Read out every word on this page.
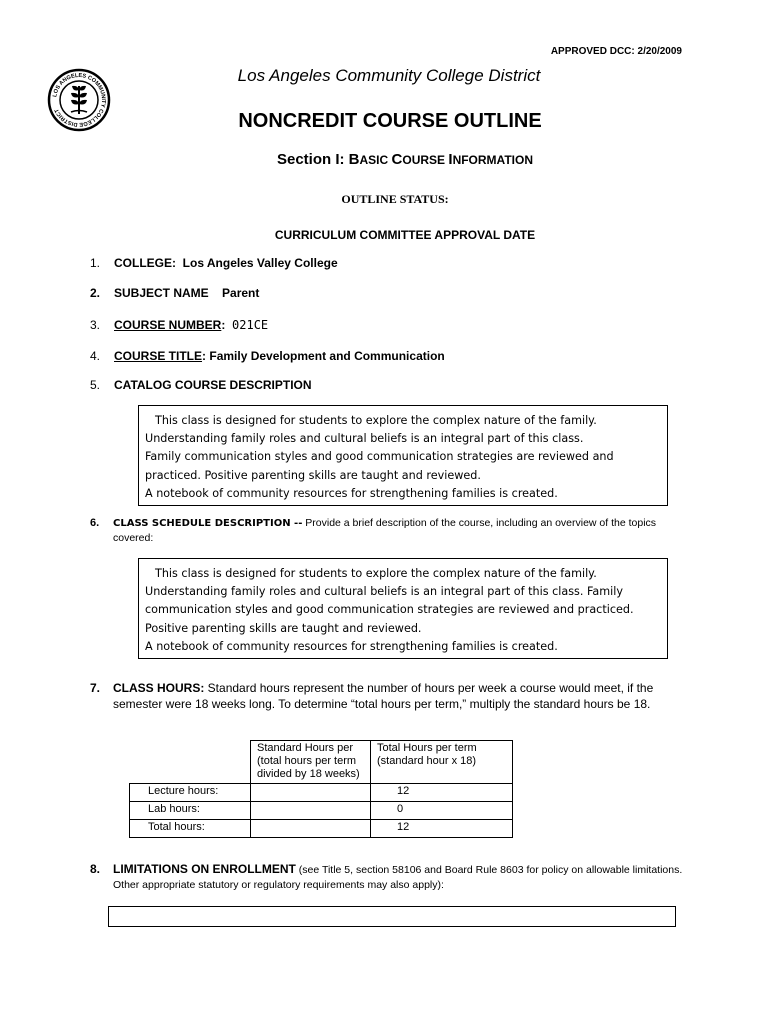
APPROVED DCC: 2/20/2009
LOS ANGELES COMMUNITY COLLEGE DISTRICT
Los Angeles Community College District
NONCREDIT COURSE OUTLINE
Section I: BASIC COURSE INFORMATION
OUTLINE STATUS:
CURRICULUM COMMITTEE APPROVAL DATE
1.	COLLEGE: Los Angeles Valley College
2.	SUBJECT NAME Parent
3.	COURSE NUMBER: 021CE
4.	COURSE TITLE: Family Development and Communication
5.	CATALOG COURSE DESCRIPTION

This class is designed for students to explore the complex nature of the family.

Understanding family roles and cultural beliefs is an integral part of this class.

Family communication styles and good communication strategies are reviewed and

practiced. Positive parenting skills are taught and reviewed.

A notebook of community resources for strengthening families is created.

6. CLASS SCHEDULE DESCRIPTION -- Provide a brief description of the course, including an overview of the topics covered:

This class is designed for students to explore the complex nature of the family.

Understanding family roles and cultural beliefs is an integral part of this class. Family

communication styles and good communication strategies are reviewed and practiced.

Positive parenting skills are taught and reviewed.

A notebook of community resources for strengthening families is created.

7. CLASS HOURS: Standard hours represent the number of hours per week a course would meet, if the semester were 18 weeks long. To determine “total hours per term,” multiply the standard hours be 18.
	Standard Hours per (total hours per term divided by 18 weeks)	Total Hours per term (standard hour x 18)
Lecture hours:		12
Lab hours:		0
Total hours:		12
8. LIMITATIONS ON ENROLLMENT (see Title 5, section 58106 and Board Rule 8603 for policy on allowable limitations. Other appropriate statutory or regulatory requirements may also apply):
